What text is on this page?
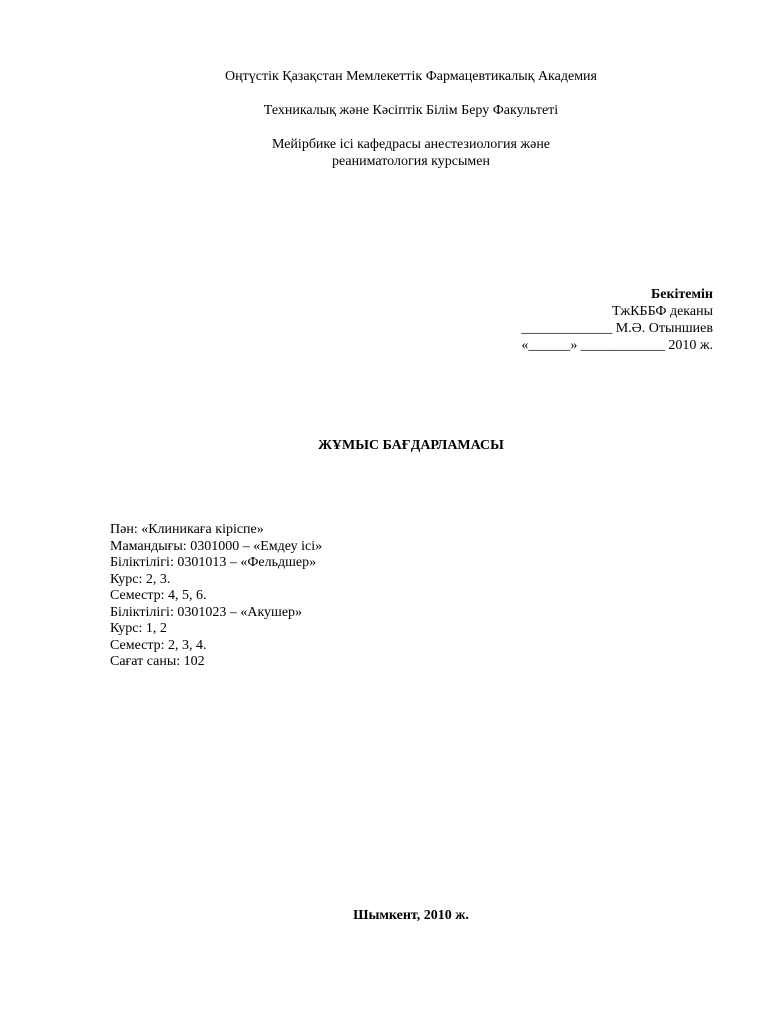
Оңтүстік Қазақстан Мемлекеттік Фармацевтикалық Академия
Техникалық және Кәсіптік Білім Беру Факультеті
Мейірбике ісі кафедрасы анестезиология және
реаниматология курсымен
Бекітемін
ТжКББФ деканы
_____________ М.Ә. Отыншиев
«______» ____________ 2010 ж.
ЖҰМЫС БАҒДАРЛАМАСЫ
Пән: «Клиникаға кіріспе»
Мамандығы: 0301000 – «Емдеу ісі»
Біліктілігі: 0301013 – «Фельдшер»
Курс: 2, 3.
Семестр: 4, 5, 6.
Біліктілігі: 0301023 – «Акушер»
Курс: 1, 2
Семестр: 2, 3, 4.
Сағат саны: 102
Шымкент, 2010 ж.
